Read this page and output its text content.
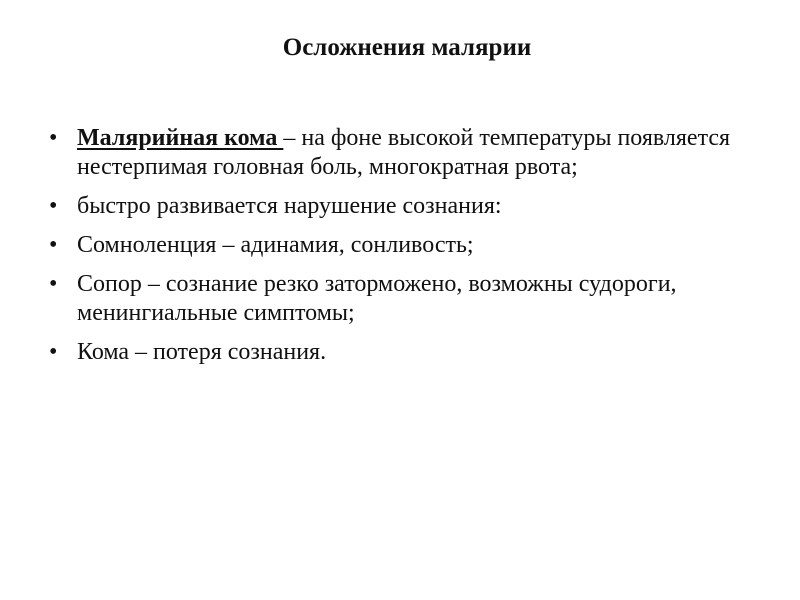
Осложнения малярии
• Малярийная кома – на фоне высокой температуры появляется нестерпимая головная боль, многократная рвота;
• быстро развивается нарушение сознания:
• Сомноленция – адинамия, сонливость;
• Сопор – сознание резко заторможено, возможны судороги, менингиальные симптомы;
• Кома – потеря сознания.
